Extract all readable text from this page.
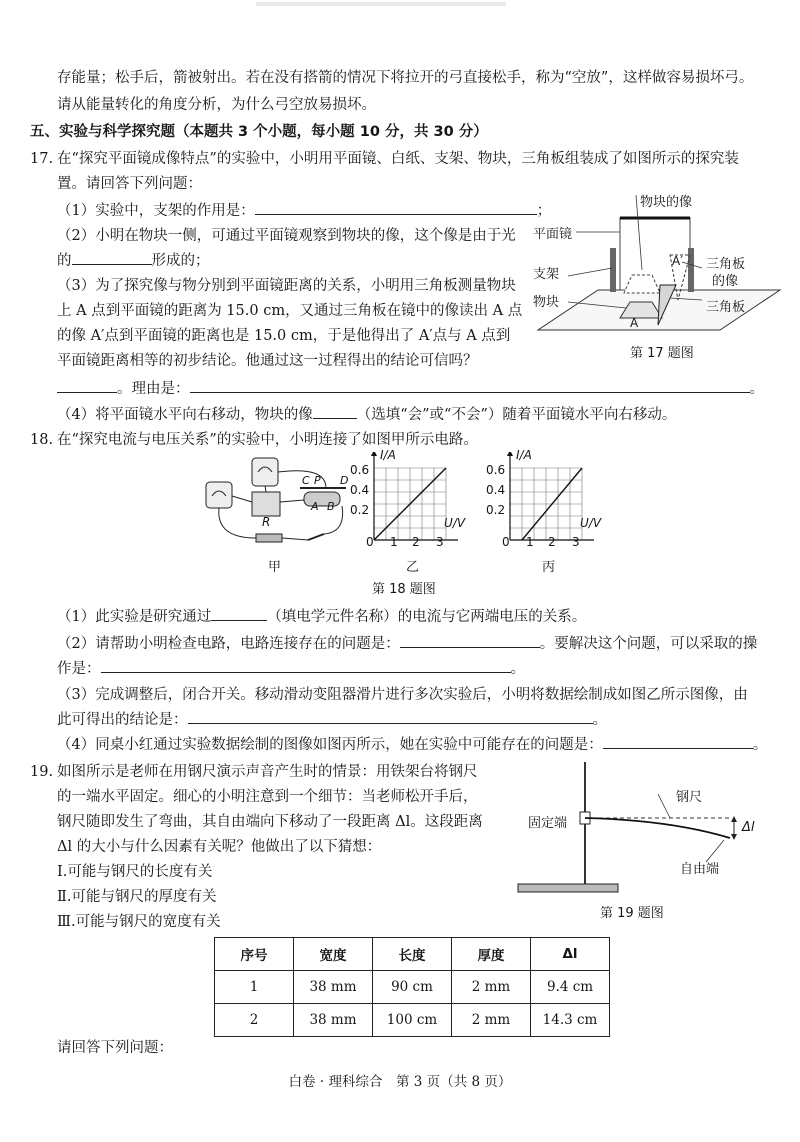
存能量；松手后，箭被射出。若在没有搭箭的情况下将拉开的弓直接松手，称为“空放”，这样做容易损坏弓。
请从能量转化的角度分析，为什么弓空放易损坏。
五、实验与科学探究题（本题共 3 个小题，每小题 10 分，共 30 分）
17. 在“探究平面镜成像特点”的实验中，小明用平面镜、白纸、支架、物块，三角板组装成了如图所示的探究装
置。请回答下列问题：
（1）实验中，支架的作用是：	；
（2）小明在物块一侧，可通过平面镜观察到物块的像，这个像是由于光
的	形成的；
（3）为了探究像与物分别到平面镜距离的关系，小明用三角板测量物块
上 A 点到平面镜的距离为 15.0 cm，又通过三角板在镜中的像读出 A 点
的像 A′点到平面镜的距离也是 15.0 cm，于是他得出了 A′点与 A 点到
平面镜距离相等的初步结论。他通过这一过程得出的结论可信吗？
。理由是：	。
（4）将平面镜水平向右移动，物块的像	（选填“会”或“不会”）随着平面镜水平向右移动。
物块的像
平面镜
三角板
的像
支架
物块	三角板
A′
A
第 17 题图
18. 在“探究电流与电压关系”的实验中，小明连接了如图甲所示电路。
C P D
A B
R
甲
I/A
U/V
0.6
0.4
0.2
0 1 2 3
乙
I/A
U/V
0.6
0.4
0.2
0 1 2 3
丙
第 18 题图
（1）此实验是研究通过	（填电学元件名称）的电流与它两端电压的关系。
（2）请帮助小明检查电路，电路连接存在的问题是：	。要解决这个问题，可以采取的操
作是：	。
（3）完成调整后，闭合开关。移动滑动变阻器滑片进行多次实验后，小明将数据绘制成如图乙所示图像，由
此可得出的结论是：	。
（4）同桌小红通过实验数据绘制的图像如图丙所示，她在实验中可能存在的问题是：	。
19. 如图所示是老师在用钢尺演示声音产生时的情景：用铁架台将钢尺
的一端水平固定。细心的小明注意到一个细节：当老师松开手后，
钢尺随即发生了弯曲，其自由端向下移动了一段距离 Δl。这段距离
Δl 的大小与什么因素有关呢？他做出了以下猜想：
Ⅰ.可能与钢尺的长度有关
Ⅱ.可能与钢尺的厚度有关
Ⅲ.可能与钢尺的宽度有关
钢尺
固定端	Δl
自由端
第 19 题图
序号	宽度	长度	厚度	Δl
1	38 mm	90 cm	2 mm	9.4 cm
2	38 mm	100 cm	2 mm	14.3 cm
请回答下列问题：
白卷 · 理科综合　第 3 页（共 8 页）
